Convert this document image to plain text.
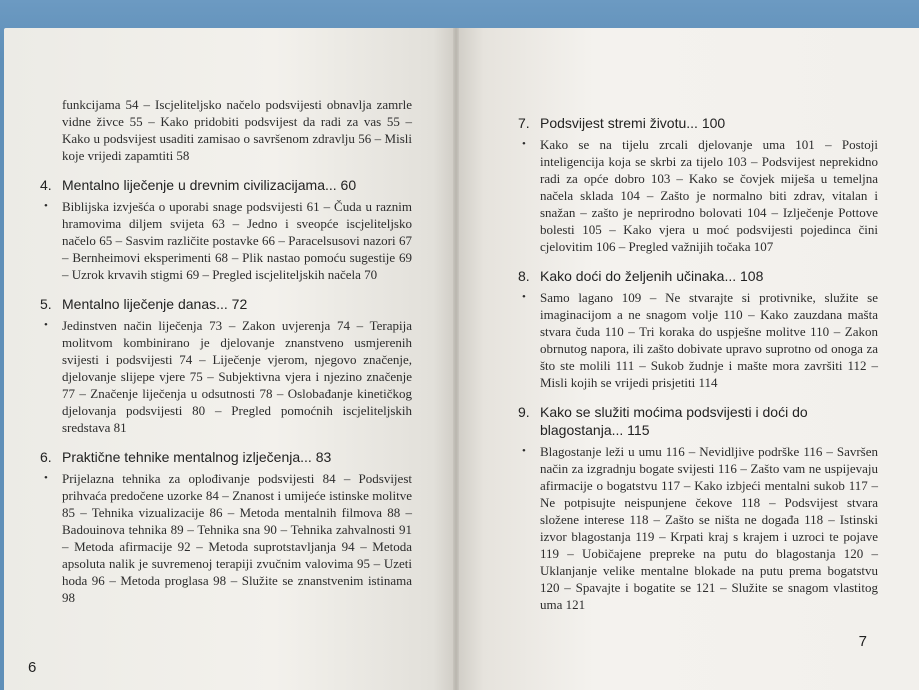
funkcijama 54 – Iscjeliteljsko načelo podsvijesti obnavlja zamrle vidne živce 55 – Kako pridobiti podsvijest da radi za vas 55 – Kako u podsvijest usaditi zamisao o savršenom zdravlju 56 – Misli koje vrijedi zapamtiti 58
4. Mentalno liječenje u drevnim civilizacijama... 60
•	Biblijska izvješća o uporabi snage podsvijesti 61 – Čuda u raznim hramovima diljem svijeta 63 – Jedno i sveopće iscjeliteljsko načelo 65 – Sasvim različite postavke 66 – Paracelsusovi nazori 67 – Bernheimovi eksperimenti 68 – Plik nastao pomoću sugestije 69 – Uzrok krvavih stigmi 69 – Pregled iscjeliteljskih načela 70
5. Mentalno liječenje danas... 72
•	Jedinstven način liječenja 73 – Zakon uvjerenja 74 – Terapija molitvom kombinirano je djelovanje znanstveno usmjerenih svijesti i podsvijesti 74 – Liječenje vjerom, njegovo značenje, djelovanje slijepe vjere 75 – Subjektivna vjera i njezino značenje 77 – Značenje liječenja u odsutnosti 78 – Oslobađanje kinetičkog djelovanja podsvijesti 80 – Pregled pomoćnih iscjeliteljskih sredstava 81
6. Praktične tehnike mentalnog izlječenja... 83
•	Prijelazna tehnika za oplođivanje podsvijesti 84 – Podsvijest prihvaća predočene uzorke 84 – Znanost i umijeće istinske molitve 85 – Tehnika vizualizacije 86 – Metoda mentalnih filmova 88 – Badouinova tehnika 89 – Tehnika sna 90 – Tehnika zahvalnosti 91 – Metoda afirmacije 92 – Metoda suprotstavljanja 94 – Metoda apsoluta nalik je suvremenoj terapiji zvučnim valovima 95 – Uzeti hoda 96 – Metoda proglasa 98 – Služite se znanstvenim istinama 98
6
7. Podsvijest stremi životu... 100
•	Kako se na tijelu zrcali djelovanje uma 101 – Postoji inteligencija koja se skrbi za tijelo 103 – Podsvijest neprekidno radi za opće dobro 103 – Kako se čovjek miješa u temeljna načela sklada 104 – Zašto je normalno biti zdrav, vitalan i snažan – zašto je neprirodno bolovati 104 – Izlječenje Pottove bolesti 105 – Kako vjera u moć podsvijesti pojedinca čini cjelovitim 106 – Pregled važnijih točaka 107
8. Kako doći do željenih učinaka... 108
•	Samo lagano 109 – Ne stvarajte si protivnike, služite se imaginacijom a ne snagom volje 110 – Kako zauzdana mašta stvara čuda 110 – Tri koraka do uspješne molitve 110 – Zakon obrnutog napora, ili zašto dobivate upravo suprotno od onoga za što ste molili 111 – Sukob žudnje i mašte mora završiti 112 – Misli kojih se vrijedi prisjetiti 114
9. Kako se služiti moćima podsvijesti i doći do blagostanja... 115
•	Blagostanje leži u umu 116 – Nevidljive podrške 116 – Savršen način za izgradnju bogate svijesti 116 – Zašto vam ne uspijevaju afirmacije o bogatstvu 117 – Kako izbjeći mentalni sukob 117 – Ne potpisujte neispunjene čekove 118 – Podsvijest stvara složene interese 118 – Zašto se ništa ne događa 118 – Istinski izvor blagostanja 119 – Krpati kraj s krajem i uzroci te pojave 119 – Uobičajene prepreke na putu do blagostanja 120 – Uklanjanje velike mentalne blokade na putu prema bogatstvu 120 – Spavajte i bogatite se 121 – Služite se snagom vlastitog uma 121
7
